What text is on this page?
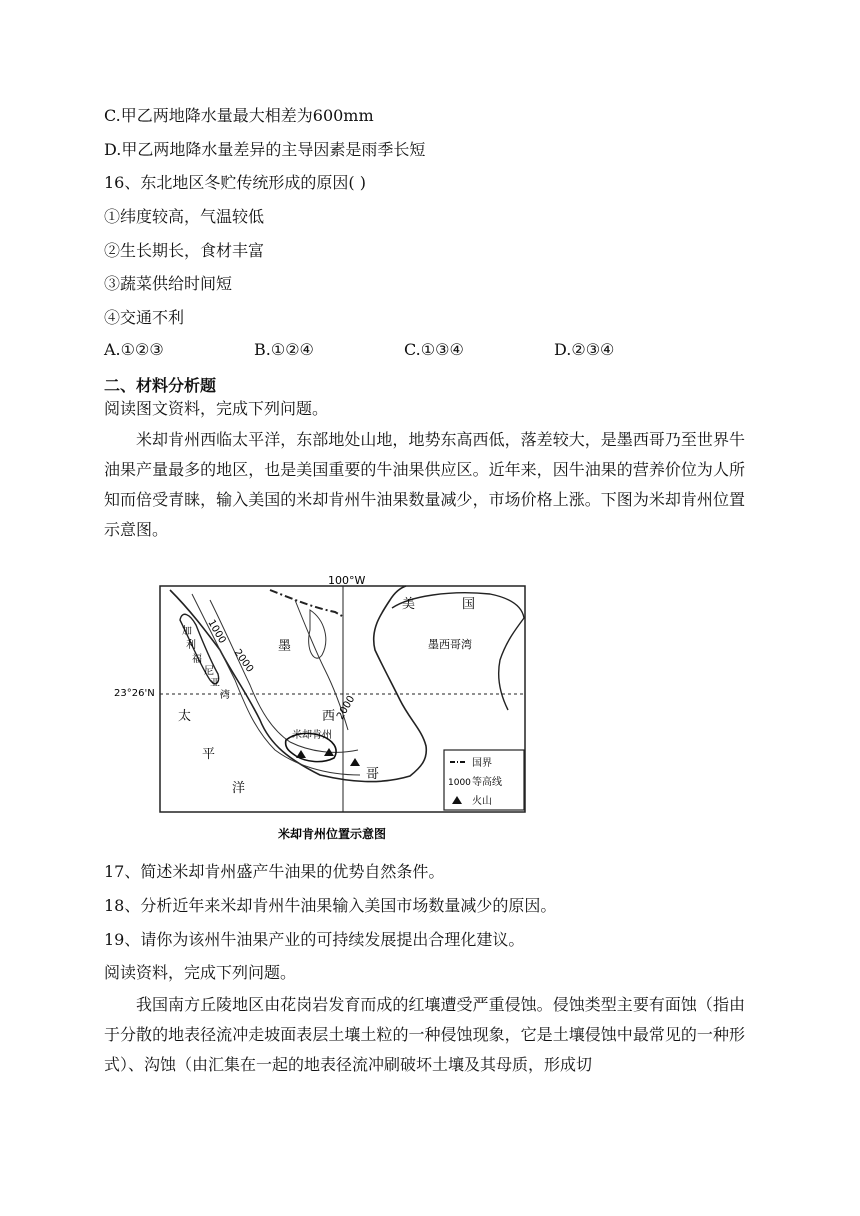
C.甲乙两地降水量最大相差为600mm
D.甲乙两地降水量差异的主导因素是雨季长短
16、东北地区冬贮传统形成的原因( )
①纬度较高，气温较低
②生长期长，食材丰富
③蔬菜供给时间短
④交通不利
A.①②③	B.①②④	C.①③④	D.②③④
二、材料分析题
阅读图文资料，完成下列问题。
米却肯州西临太平洋，东部地处山地，地势东高西低，落差较大，是墨西哥乃至世界牛油果产量最多的地区，也是美国重要的牛油果供应区。近年来，因牛油果的营养价位为人所知而倍受青睐，输入美国的米却肯州牛油果数量减少，市场价格上涨。下图为米却肯州位置示意图。
100°W
23°26'N
美	国
墨西哥湾
墨
西
哥
太
平
洋
加
利
福
尼
亚
湾
米却肯州
1000
2000
2000
国界
1000 等高线
火山
米却肯州位置示意图
17、简述米却肯州盛产牛油果的优势自然条件。
18、分析近年来米却肯州牛油果输入美国市场数量减少的原因。
19、请你为该州牛油果产业的可持续发展提出合理化建议。
阅读资料，完成下列问题。
我国南方丘陵地区由花岗岩发育而成的红壤遭受严重侵蚀。侵蚀类型主要有面蚀（指由于分散的地表径流冲走坡面表层土壤土粒的一种侵蚀现象，它是土壤侵蚀中最常见的一种形式）、沟蚀（由汇集在一起的地表径流冲刷破坏土壤及其母质，形成切
